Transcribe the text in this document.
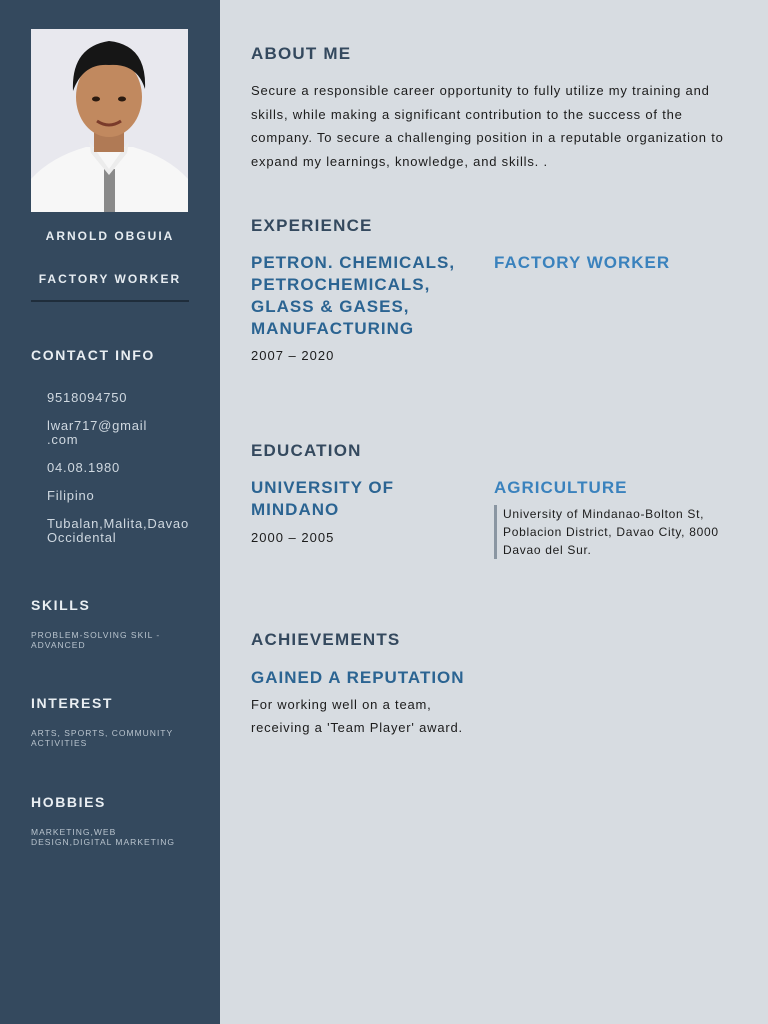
ARNOLD OBGUIA
FACTORY WORKER
CONTACT INFO
9518094750
lwar717@gmail
.com
04.08.1980
Filipino
Tubalan,Malita,Davao
Occidental
SKILLS
PROBLEM-SOLVING SKIL -
ADVANCED
INTEREST
ARTS, SPORTS, COMMUNITY
ACTIVITIES
HOBBIES
MARKETING,WEB
DESIGN,DIGITAL MARKETING
ABOUT ME
Secure a responsible career opportunity to fully utilize my training and skills, while making a significant contribution to the success of the company. To secure a challenging position in a reputable organization to expand my learnings, knowledge, and skills. .
EXPERIENCE
PETRON. CHEMICALS,
PETROCHEMICALS,
GLASS & GASES,
MANUFACTURING
FACTORY WORKER
2007 – 2020
EDUCATION
UNIVERSITY OF
MINDANO
AGRICULTURE
2000 – 2005
University of Mindanao-Bolton St,
Poblacion District, Davao City, 8000
Davao del Sur.
ACHIEVEMENTS
GAINED A REPUTATION
For working well on a team,
receiving a 'Team Player' award.
